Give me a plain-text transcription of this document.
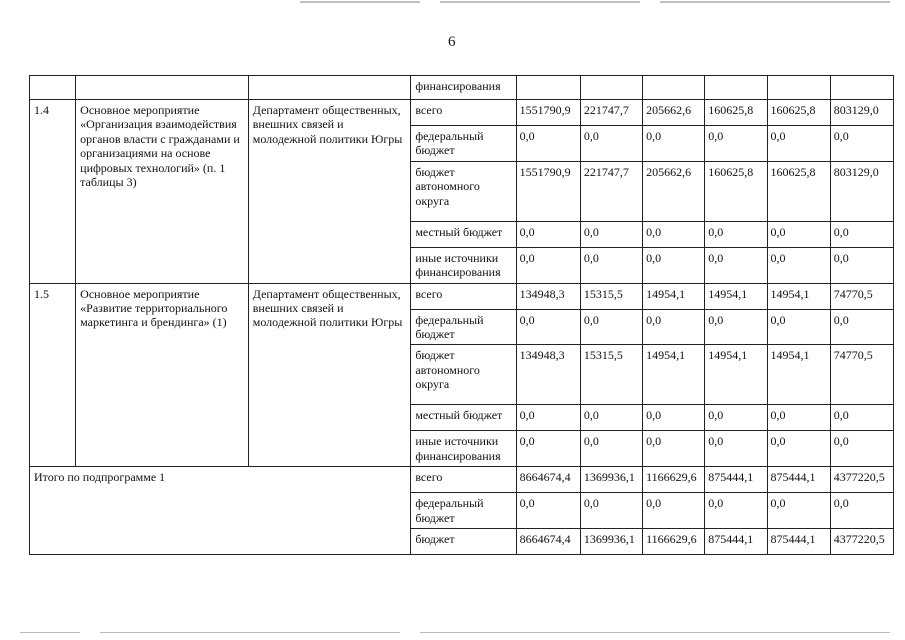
6
			финансирования						
1.4	Основное мероприятие «Организация взаимодействия органов власти с гражданами и организациями на основе цифровых технологий» (п. 1 таблицы 3)	Департамент общественных, внешних связей и молодежной политики Югры	всего	1551790,9	221747,7	205662,6	160625,8	160625,8	803129,0
			федеральный бюджет	0,0	0,0	0,0	0,0	0,0	0,0
			бюджет автономного округа	1551790,9	221747,7	205662,6	160625,8	160625,8	803129,0
			местный бюджет	0,0	0,0	0,0	0,0	0,0	0,0
			иные источники финансирования	0,0	0,0	0,0	0,0	0,0	0,0
1.5	Основное мероприятие «Развитие территориального маркетинга и брендинга» (1)	Департамент общественных, внешних связей и молодежной политики Югры	всего	134948,3	15315,5	14954,1	14954,1	14954,1	74770,5
			федеральный бюджет	0,0	0,0	0,0	0,0	0,0	0,0
			бюджет автономного округа	134948,3	15315,5	14954,1	14954,1	14954,1	74770,5
			местный бюджет	0,0	0,0	0,0	0,0	0,0	0,0
			иные источники финансирования	0,0	0,0	0,0	0,0	0,0	0,0
Итого по подпрограмме 1			всего	8664674,4	1369936,1	1166629,6	875444,1	875444,1	4377220,5
			федеральный бюджет	0,0	0,0	0,0	0,0	0,0	0,0
			бюджет	8664674,4	1369936,1	1166629,6	875444,1	875444,1	4377220,5
